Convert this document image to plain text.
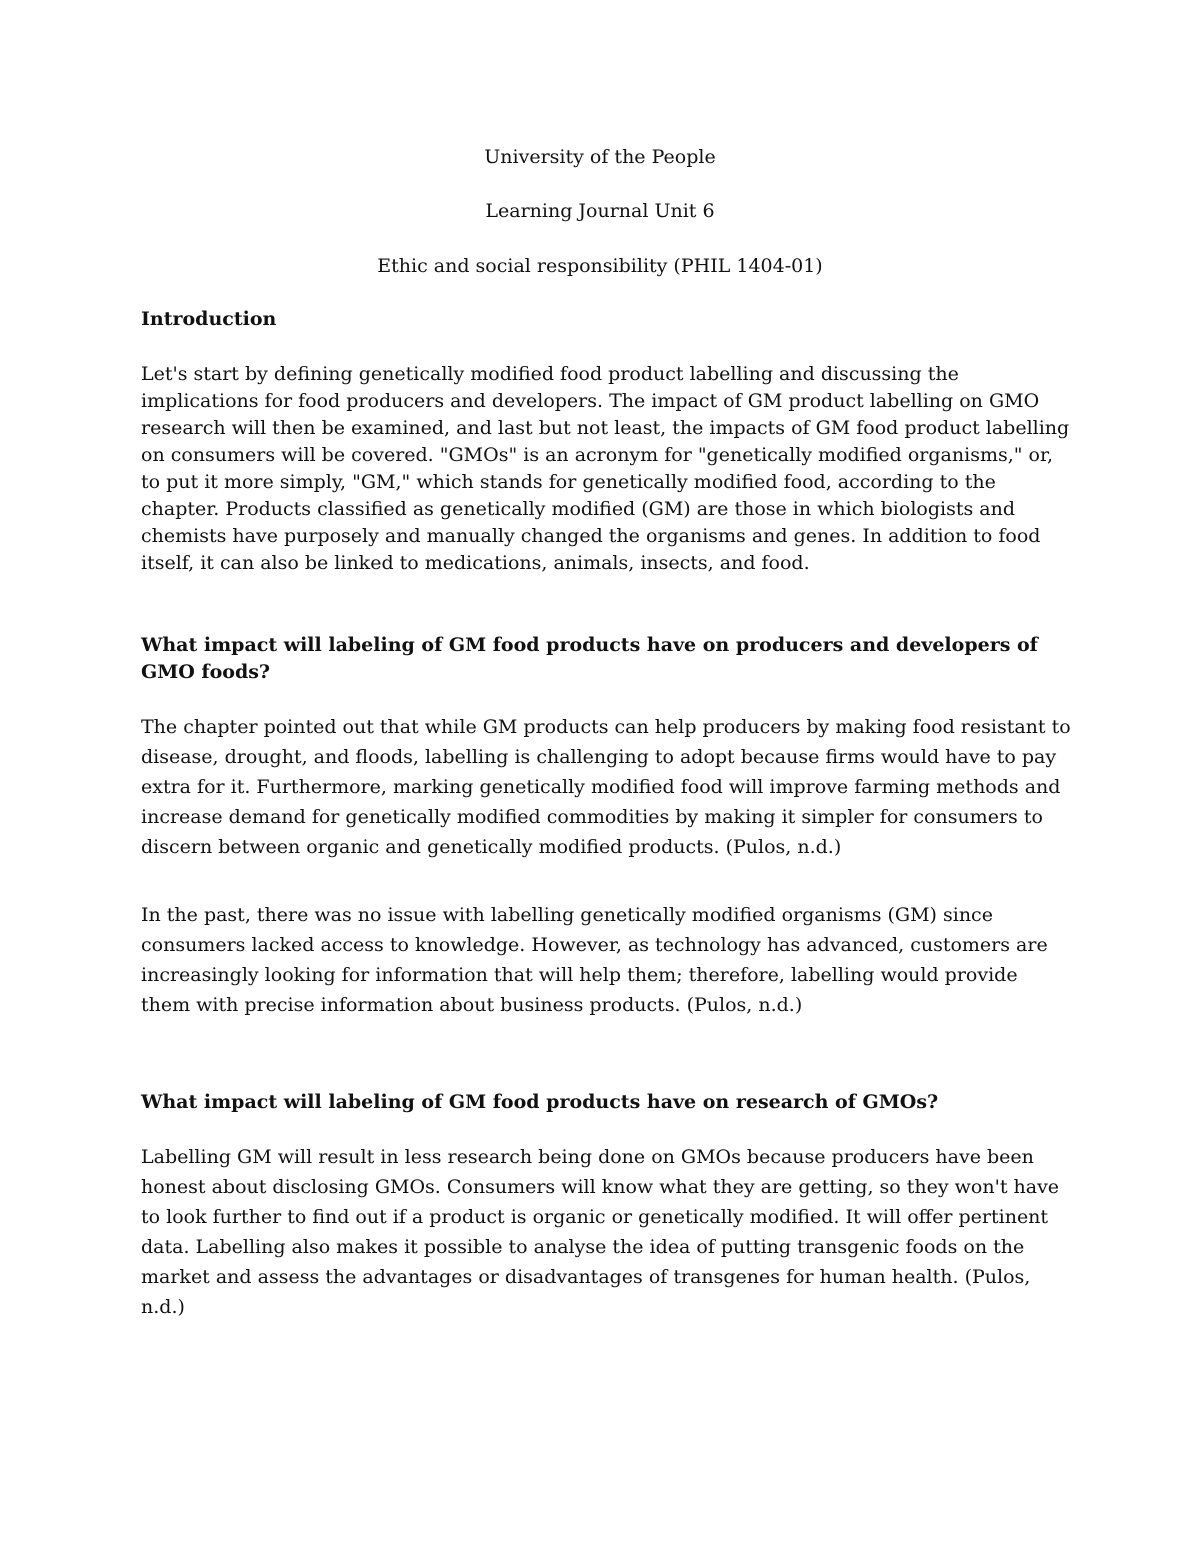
University of the People
Learning Journal Unit 6
Ethic and social responsibility (PHIL 1404-01)
Introduction
Let's start by defining genetically modified food product labelling and discussing the implications for food producers and developers. The impact of GM product labelling on GMO research will then be examined, and last but not least, the impacts of GM food product labelling on consumers will be covered. "GMOs" is an acronym for "genetically modified organisms," or, to put it more simply, "GM," which stands for genetically modified food, according to the chapter. Products classified as genetically modified (GM) are those in which biologists and chemists have purposely and manually changed the organisms and genes. In addition to food itself, it can also be linked to medications, animals, insects, and food.
What impact will labeling of GM food products have on producers and developers of GMO foods?
The chapter pointed out that while GM products can help producers by making food resistant to disease, drought, and floods, labelling is challenging to adopt because firms would have to pay extra for it. Furthermore, marking genetically modified food will improve farming methods and increase demand for genetically modified commodities by making it simpler for consumers to discern between organic and genetically modified products. (Pulos, n.d.)
In the past, there was no issue with labelling genetically modified organisms (GM) since consumers lacked access to knowledge. However, as technology has advanced, customers are increasingly looking for information that will help them; therefore, labelling would provide them with precise information about business products. (Pulos, n.d.)
What impact will labeling of GM food products have on research of GMOs?
Labelling GM will result in less research being done on GMOs because producers have been honest about disclosing GMOs. Consumers will know what they are getting, so they won't have to look further to find out if a product is organic or genetically modified. It will offer pertinent data. Labelling also makes it possible to analyse the idea of putting transgenic foods on the market and assess the advantages or disadvantages of transgenes for human health. (Pulos, n.d.)
